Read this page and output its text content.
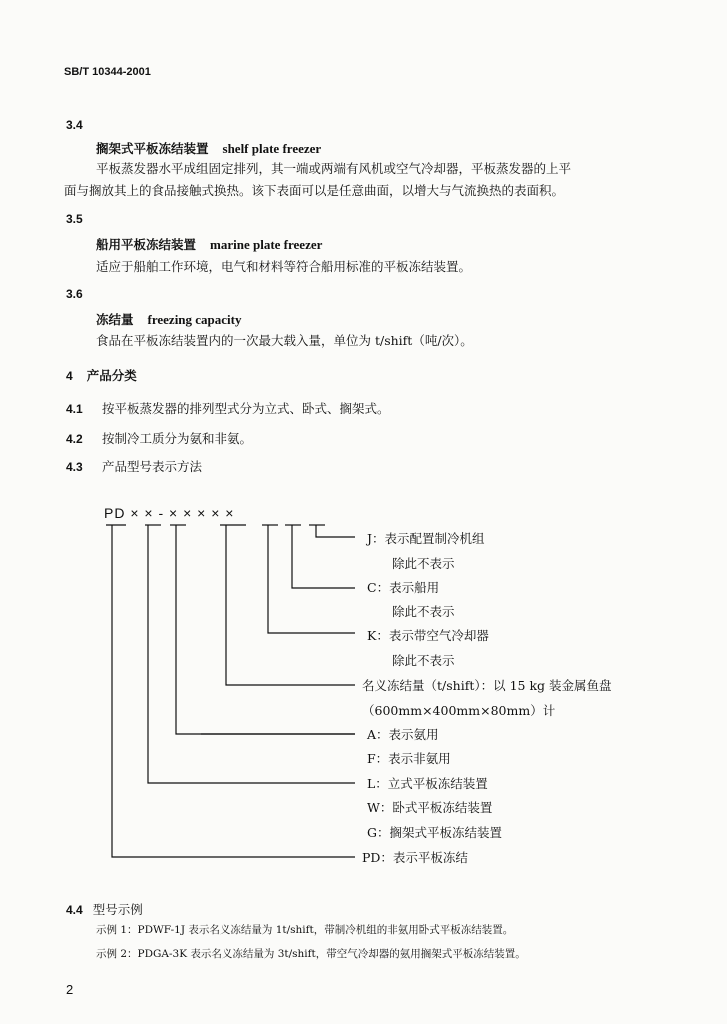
SB/T 10344-2001
3.4
搁架式平板冻结装置 shelf plate freezer
平板蒸发器水平成组固定排列，其一端或两端有风机或空气冷却器，平板蒸发器的上平
面与搁放其上的食品接触式换热。该下表面可以是任意曲面，以增大与气流换热的表面积。
3.5
船用平板冻结装置 marine plate freezer
适应于船舶工作环境，电气和材料等符合船用标准的平板冻结装置。
3.6
冻结量 freezing capacity
食品在平板冻结装置内的一次最大载入量，单位为 t/shift（吨/次）。
4 产品分类
4.1 按平板蒸发器的排列型式分为立式、卧式、搁架式。
4.2 按制冷工质分为氨和非氨。
4.3 产品型号表示方法
PD × × - × × × × ×
J：表示配置制冷机组
除此不表示
C：表示船用
除此不表示
K：表示带空气冷却器
除此不表示
名义冻结量（t/shift）：以 15 kg 装金属鱼盘
（600mm×400mm×80mm）计
A：表示氨用
F：表示非氨用
L：立式平板冻结装置
W：卧式平板冻结装置
G：搁架式平板冻结装置
PD：表示平板冻结
4.4 型号示例
示例 1：PDWF-1J 表示名义冻结量为 1t/shift，带制冷机组的非氨用卧式平板冻结装置。
示例 2：PDGA-3K 表示名义冻结量为 3t/shift，带空气冷却器的氨用搁架式平板冻结装置。
2
